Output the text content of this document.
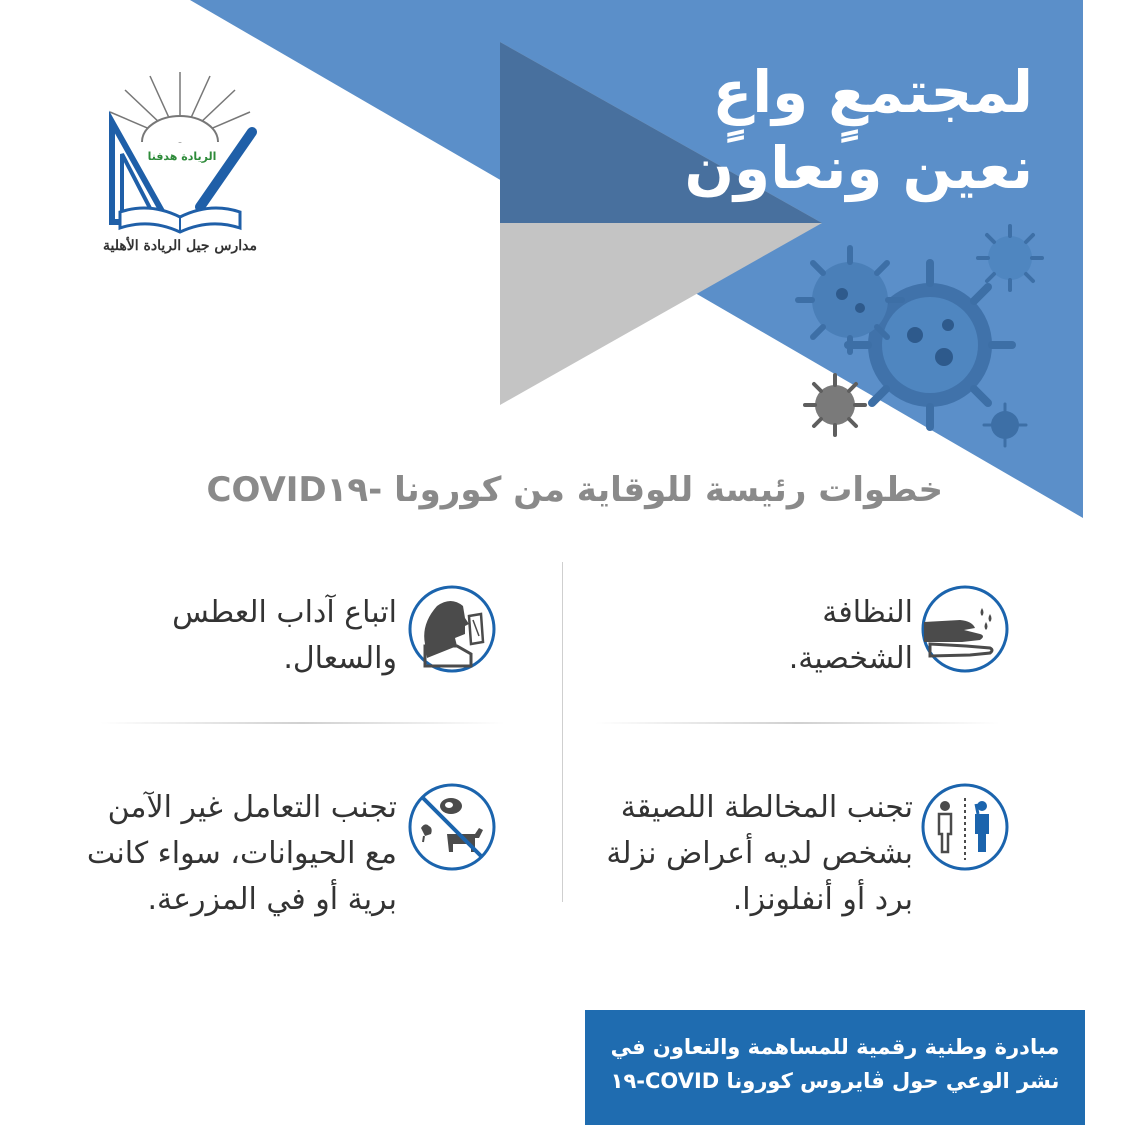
الريادة هدفنا
مدارس جيل الريادة الأهلية
لمجتمعٍ واعٍ
نعين ونعاون
خطوات رئيسة للوقاية من كورونا -COVID١٩
النظافة
الشخصية.
اتباع آداب العطس
والسعال.
تجنب المخالطة اللصيقة
بشخص لديه أعراض نزلة
برد أو أنفلونزا.
تجنب التعامل غير الآمن
مع الحيوانات، سواء كانت
برية أو في المزرعة.
مبادرة وطنية رقمية للمساهمة والتعاون في
نشر الوعي حول ڤايروس كورونا COVID-١٩
